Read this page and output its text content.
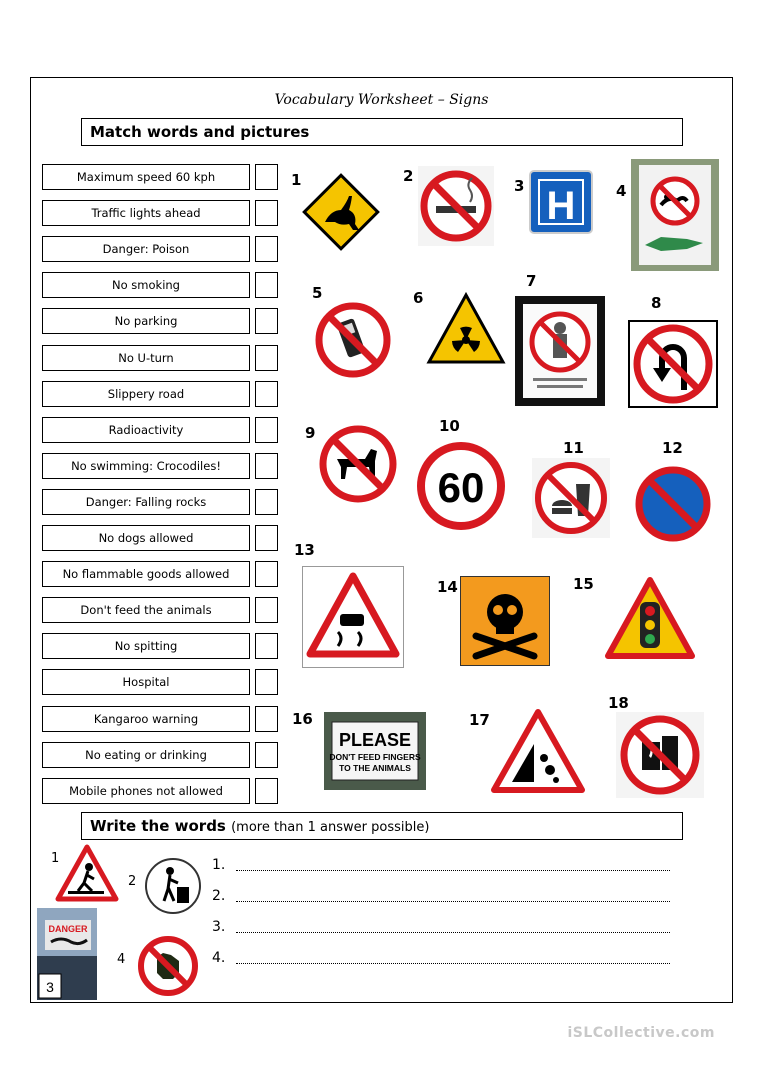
Vocabulary Worksheet – Signs
Match words and pictures
Maximum speed 60 kph
Traffic lights ahead
Danger: Poison
No smoking
No parking
No U-turn
Slippery road
Radioactivity
No swimming: Crocodiles!
Danger: Falling rocks
No dogs allowed
No flammable goods allowed
Don't feed the animals
No spitting
Hospital
Kangaroo warning
No eating or drinking
Mobile phones not allowed
1	2
3	4
5	6
7
8
9	10
11	12
13
14	15
16	17
18
H
60
PLEASE
DON'T FEED FINGERS
TO THE ANIMALS
Write the words (more than 1 answer possible)
1
2
4
DANGER
3
1.
2.
3.
4.
iSLCollective.com
